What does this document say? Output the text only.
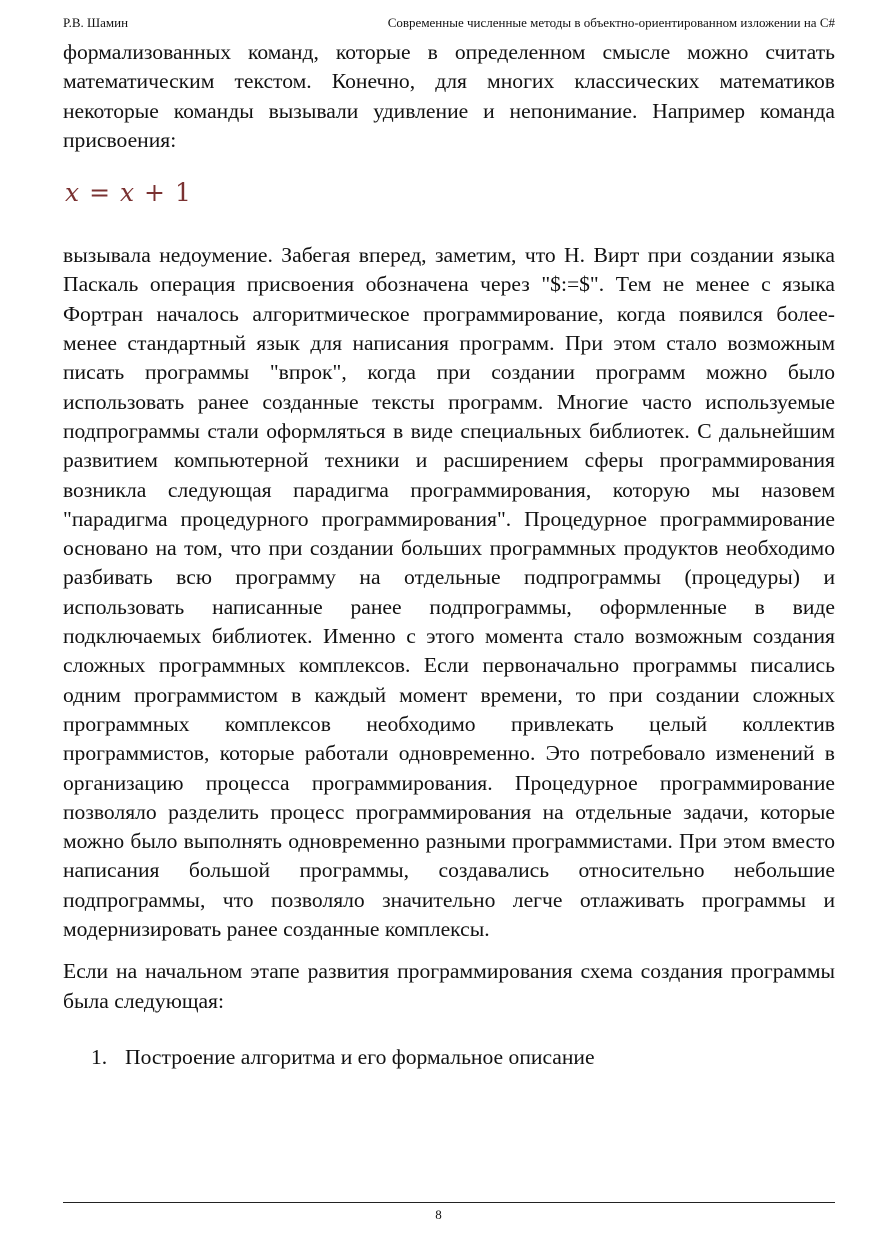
Р.В. Шамин	Современные численные методы в объектно-ориентированном изложении на C#

формализованных команд, которые в определенном смысле можно считать математическим текстом. Конечно, для многих классических математиков некоторые команды вызывали удивление и непонимание. Например команда присвоения:

x = x + 1

вызывала недоумение. Забегая вперед, заметим, что Н. Вирт при создании языка Паскаль операция присвоения обозначена через "$:=$". Тем не менее с языка Фортран началось алгоритмическое программирование, когда появился более-менее стандартный язык для написания программ. При этом стало возможным писать программы "впрок", когда при создании программ можно было использовать ранее созданные тексты программ. Многие часто используемые подпрограммы стали оформляться в виде специальных библиотек. С дальнейшим развитием компьютерной техники и расширением сферы программирования возникла следующая парадигма программирования, которую мы назовем "парадигма процедурного программирования". Процедурное программирование основано на том, что при создании больших программных продуктов необходимо разбивать всю программу на отдельные подпрограммы (процедуры) и использовать написанные ранее подпрограммы, оформленные в виде подключаемых библиотек. Именно с этого момента стало возможным создания сложных программных комплексов. Если первоначально программы писались одним программистом в каждый момент времени, то при создании сложных программных комплексов необходимо привлекать целый коллектив программистов, которые работали одновременно. Это потребовало изменений в организацию процесса программирования. Процедурное программирование позволяло разделить процесс программирования на отдельные задачи, которые можно было выполнять одновременно разными программистами. При этом вместо написания большой программы, создавались относительно небольшие подпрограммы, что позволяло значительно легче отлаживать программы и модернизировать ранее созданные комплексы.

Если на начальном этапе развития программирования схема создания программы была следующая:

1. Построение алгоритма и его формальное описание
8
